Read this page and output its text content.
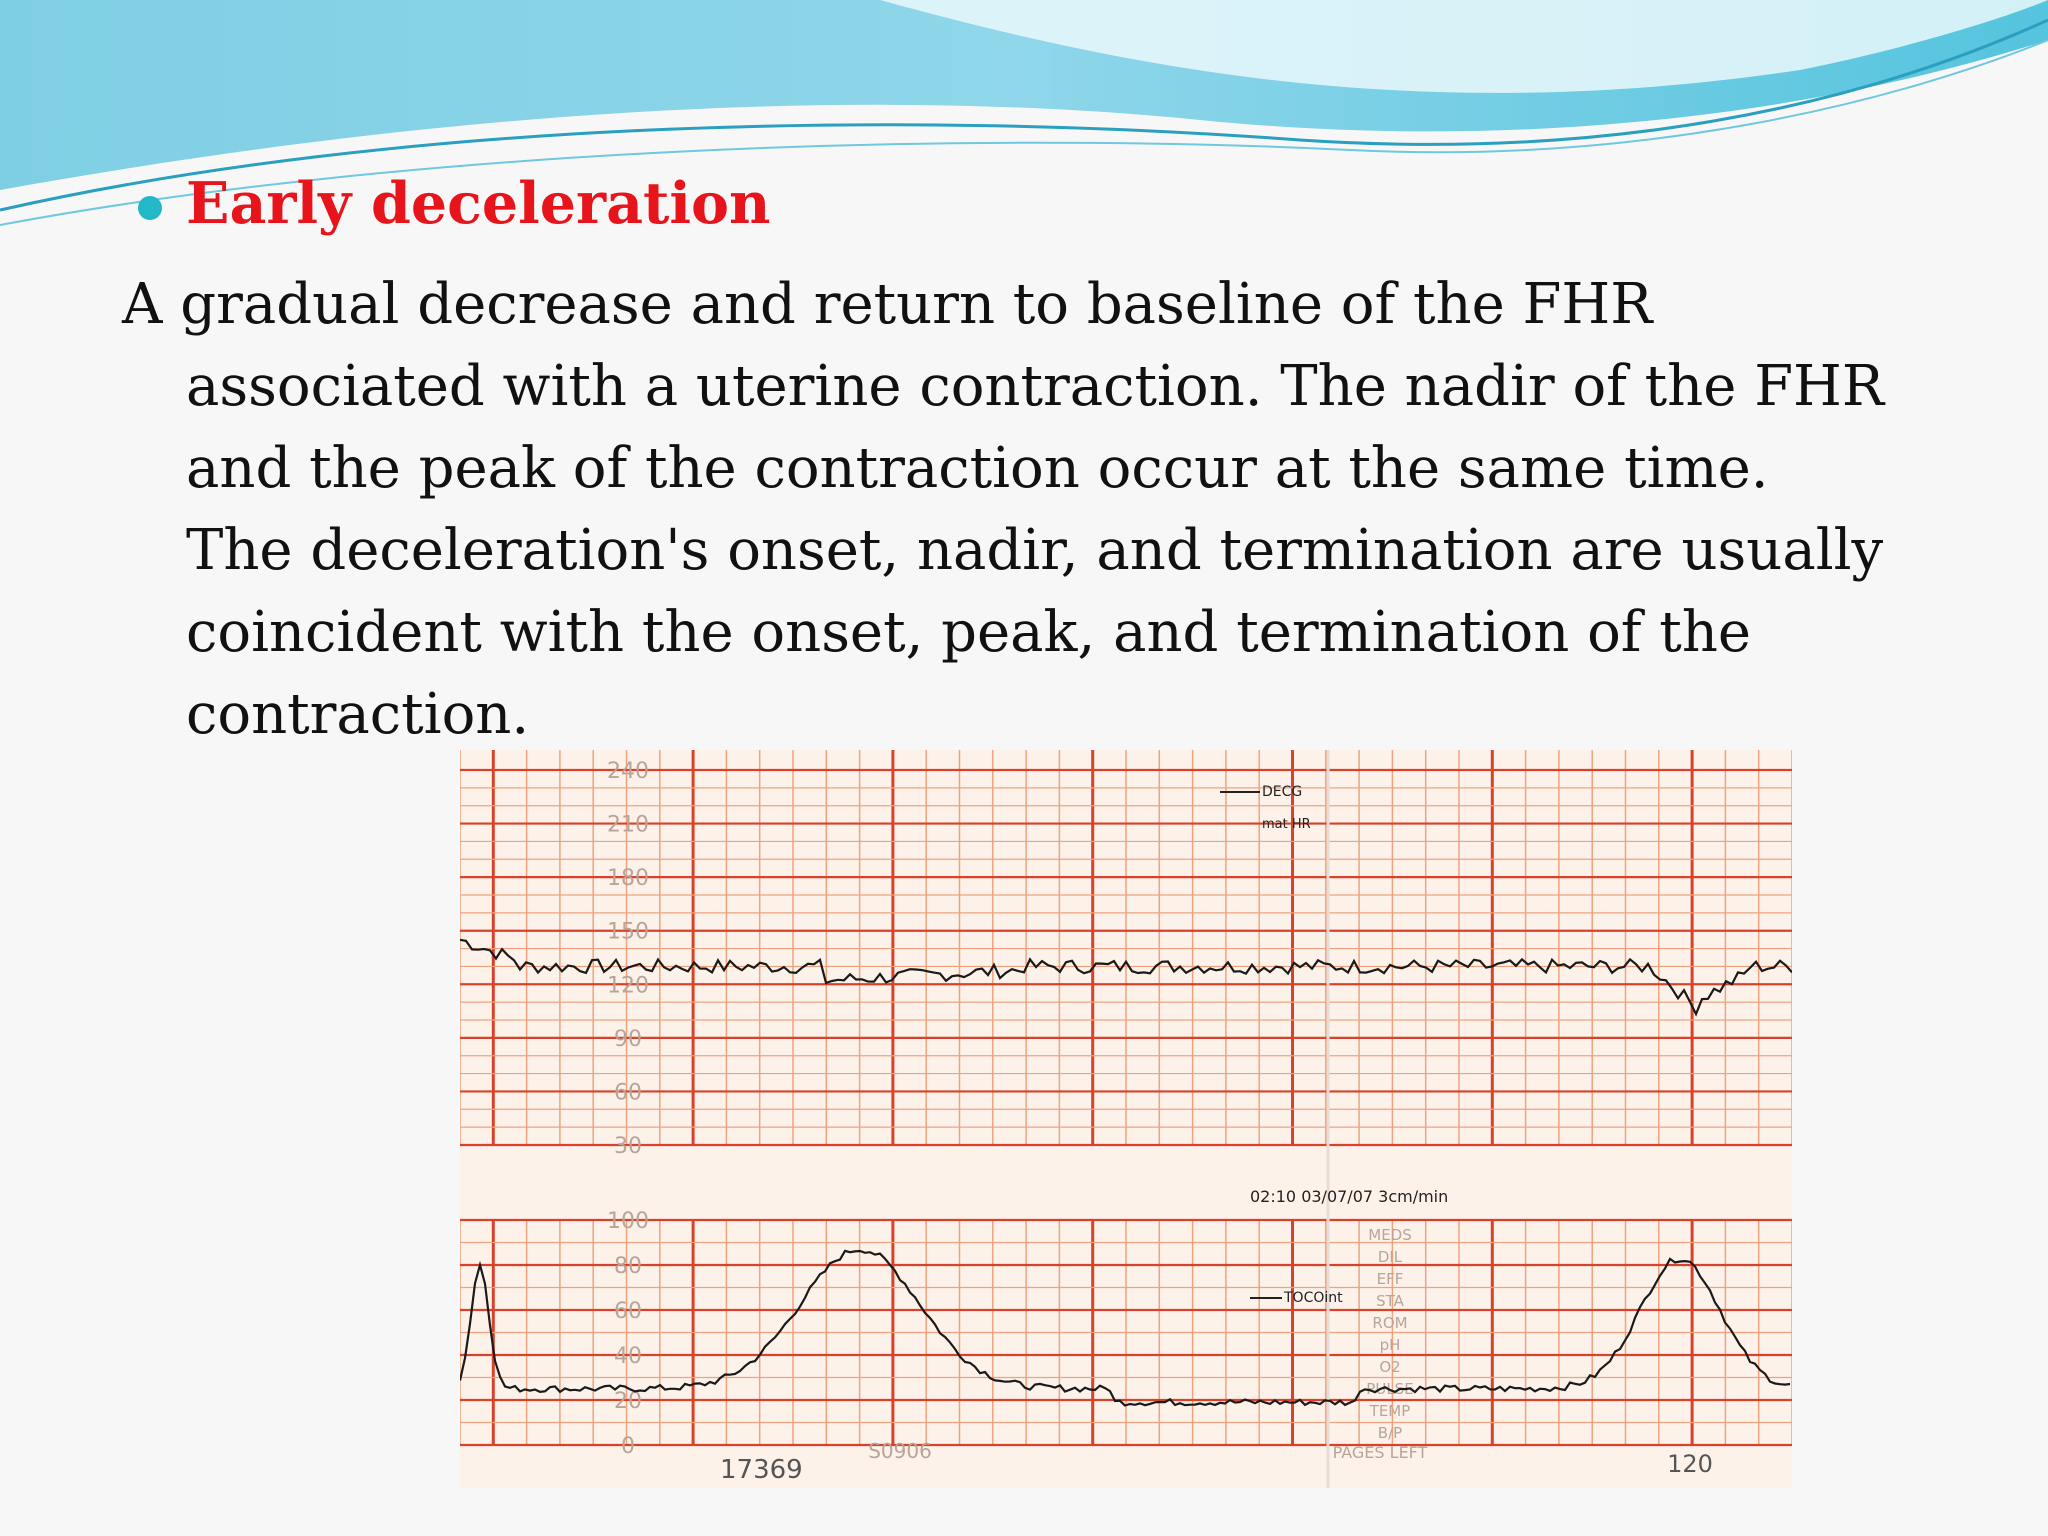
Early deceleration
A gradual decrease and return to baseline of the FHR
associated with a uterine contraction. The nadir of the FHR
and the peak of the contraction occur at the same time.
The deceleration's onset, nadir, and termination are usually
coincident with the onset, peak, and termination of the
contraction.
240
210
180
150
120
90
60
30
100
80
60
40
20
0
DECG
mat HR
02:10 03/07/07 3cm/min
TOCOint
MEDS
DIL
EFF
STA
ROM
pH
O2
PULSE
TEMP
B/P
PAGES LEFT	120
S0906
17369
